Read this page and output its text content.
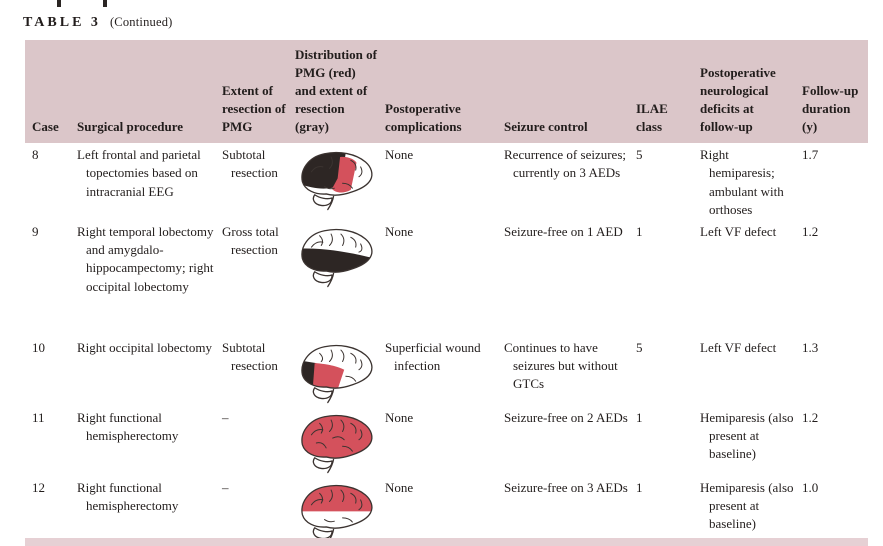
TABLE 3 (Continued)
Case	Surgical procedure	Extent of resection of PMG	Distribution of PMG (red) and extent of resection (gray)	Postoperative complications	Seizure control	ILAE class	Postoperative neurological deficits at follow-up	Follow-up duration (y)
8	Left frontal and parietal topectomies based on intracranial EEG	Subtotal resection		None	Recurrence of seizures; currently on 3 AEDs	5	Right hemiparesis; ambulant with orthoses	1.7
9	Right temporal lobectomy and amygdalo-hippocampectomy; right occipital lobectomy	Gross total resection		None	Seizure-free on 1 AED	1	Left VF defect	1.2
10	Right occipital lobectomy	Subtotal resection		Superficial wound infection	Continues to have seizures but without GTCs	5	Left VF defect	1.3
11	Right functional hemispherectomy	–		None	Seizure-free on 2 AEDs	1	Hemiparesis (also present at baseline)	1.2
12	Right functional hemispherectomy	–		None	Seizure-free on 3 AEDs	1	Hemiparesis (also present at baseline)	1.0
